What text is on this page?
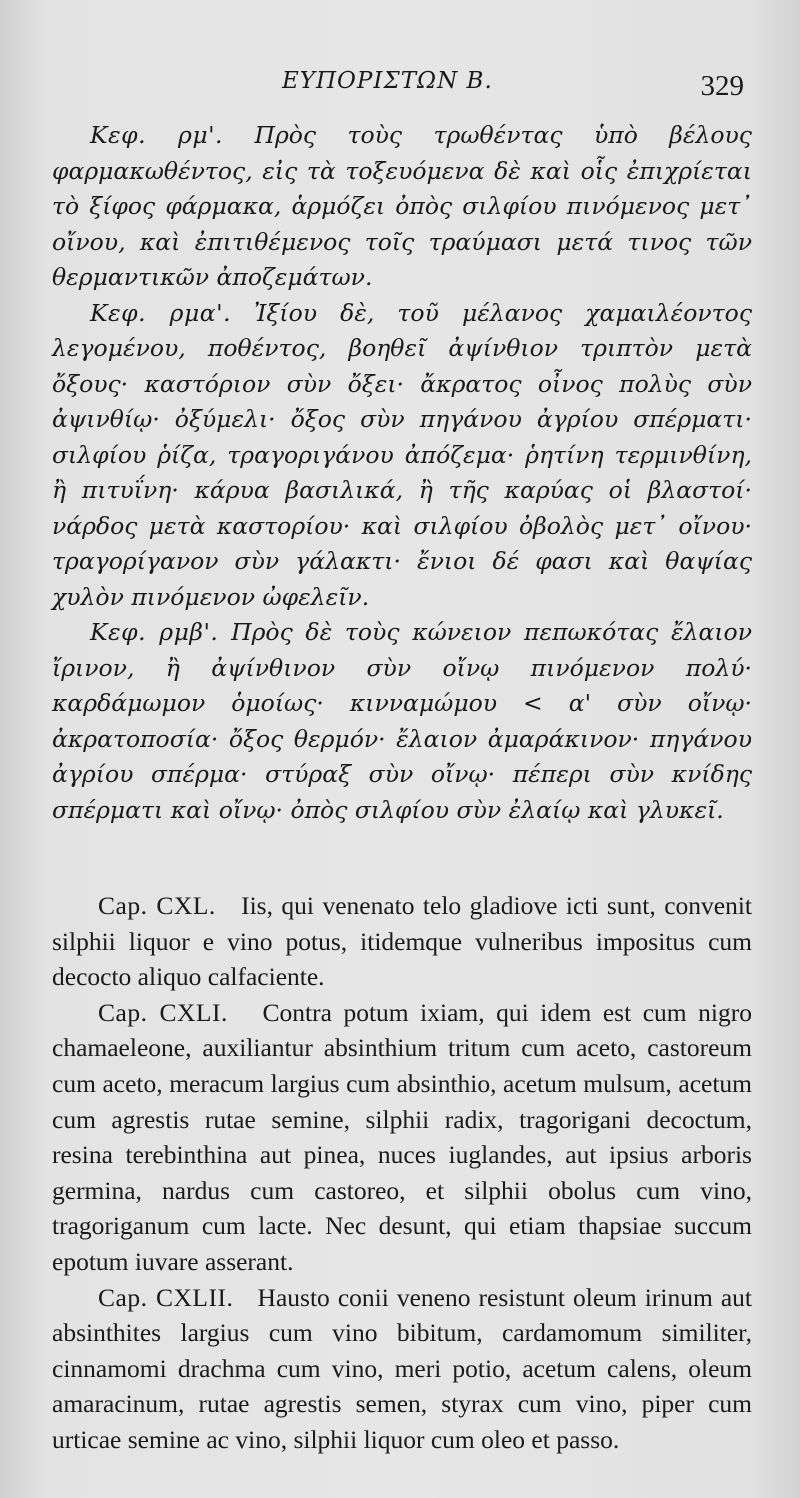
ΕΥΠΟΡΙΣΤΩΝ Β.	329

Κεφ. ρμ'. Πρὸς τοὺς τρωθέντας ὑπὸ βέλους φαρμακωθέντος, εἰς τὰ τοξευόμενα δὲ καὶ οἷς ἐπιχρίεται τὸ ξίφος φάρμακα, ἁρμόζει ὀπὸς σιλφίου πινόμενος μετ᾿ οἴνου, καὶ ἐπιτιθέμενος τοῖς τραύμασι μετά τινος τῶν θερμαντικῶν ἀποζεμάτων.

Κεφ. ρμα'. Ἰξίου δὲ, τοῦ μέλανος χαμαιλέοντος λεγομένου, ποθέντος, βοηθεῖ ἀψίνθιον τριπτὸν μετὰ ὄξους· καστόριον σὺν ὄξει· ἄκρατος οἶνος πολὺς σὺν ἀψινθίῳ· ὀξύμελι· ὄξος σὺν πηγάνου ἀγρίου σπέρματι· σιλφίου ῥίζα, τραγοριγάνου ἀπόζεμα· ῥητίνη τερμινθίνη, ἢ πιτυΐνη· κάρυα βασιλικά, ἢ τῆς καρύας οἱ βλαστοί· νάρδος μετὰ καστορίου· καὶ σιλφίου ὀβολὸς μετ᾿ οἴνου· τραγορίγανον σὺν γάλακτι· ἔνιοι δέ φασι καὶ θαψίας χυλὸν πινόμενον ὠφελεῖν.

Κεφ. ρμβ'. Πρὸς δὲ τοὺς κώνειον πεπωκότας ἔλαιον ἴρινον, ἢ ἀψίνθινον σὺν οἴνῳ πινόμενον πολύ· καρδάμωμον ὁμοίως· κινναμώμου < α' σὺν οἴνῳ· ἀκρατοποσία· ὄξος θερμόν· ἔλαιον ἀμαράκινον· πηγάνου ἀγρίου σπέρμα· στύραξ σὺν οἴνῳ· πέπερι σὺν κνίδης σπέρματι καὶ οἴνῳ· ὀπὸς σιλφίου σὺν ἐλαίῳ καὶ γλυκεῖ.

Cap. CXL. Iis, qui venenato telo gladiove icti sunt, convenit silphii liquor e vino potus, itidemque vulneribus impositus cum decocto aliquo calfaciente.

Cap. CXLI. Contra potum ixiam, qui idem est cum nigro chamaeleone, auxiliantur absinthium tritum cum aceto, castoreum cum aceto, meracum largius cum absinthio, acetum mulsum, acetum cum agrestis rutae semine, silphii radix, tragorigani decoctum, resina terebinthina aut pinea, nuces iuglandes, aut ipsius arboris germina, nardus cum castoreo, et silphii obolus cum vino, tragoriganum cum lacte. Nec desunt, qui etiam thapsiae succum epotum iuvare asserant.

Cap. CXLII. Hausto conii veneno resistunt oleum irinum aut absinthites largius cum vino bibitum, cardamomum similiter, cinnamomi drachma cum vino, meri potio, acetum calens, oleum amaracinum, rutae agrestis semen, styrax cum vino, piper cum urticae semine ac vino, silphii liquor cum oleo et passo.
